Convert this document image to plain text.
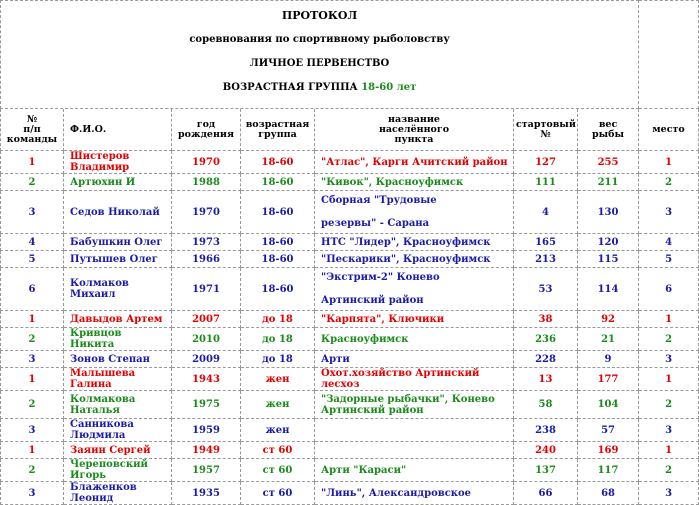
ПРОТОКОЛ
соревнования по спортивному рыболовству
ЛИЧНОЕ ПЕРВЕНСТВО
ВОЗРАСТНАЯ ГРУППА 18-60 лет							

№
п/п
команды	Ф.И.О.	год рождения	возрастная
группа	название
населённого
пункта	стартовый
№	вес
рыбы	место
1	Шистеров Владимир	1970	18-60	"Атлас", Карги Ачитский район	127	255	1
2	Артюхин И	1988	18-60	"Кивок", Красноуфимск	111	211	2
3	Седов Николай	1970	18-60	Сборная "Трудовые
резервы" - Сарана	4	130	3
4	Бабушкин Олег	1973	18-60	НТС "Лидер", Красноуфимск	165	120	4
5	Путышев Олег	1966	18-60	"Пескарики", Красноуфимск	213	115	5
6	Колмаков Михаил	1971	18-60	"Экстрим-2" Конево
Артинский район	53	114	6
1	Давыдов Артем	2007	до 18	"Карпята", Ключики	38	92	1
2	Кривцов Никита	2010	до 18	Красноуфимск	236	21	2
3	Зонов Степан	2009	до 18	Арти	228	9	3
1	Малышева Галина	1943	жен	Охот.хозяйство Артинский лесхоз	13	177	1
2	Колмакова Наталья	1975	жен	"Задорные рыбачки", Конево
Артинский район	58	104	2
3	Санникова Людмила	1959	жен		238	57	3
1	Заяин Сергей	1949	ст 60		240	169	1
2	Череповский Игорь	1957	ст 60	Арти "Караси"	137	117	2
3	Блаженков Леонид	1935	ст 60	"Линь", Александровское	66	68	3
